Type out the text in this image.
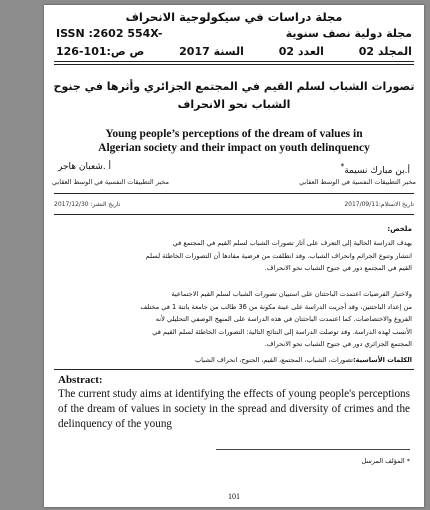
مجلة دراسات في سيكولوجية الانحراف
ISSN :2602 554X-	مجلة دولية نصف سنوية
ص ص:101-126	السنة 2017	العدد 02	المجلد 02
تصورات الشباب لسلم القيم في المجتمع الجزائري وأثرها في جنوح
الشباب نحو الانحراف
Young people’s perceptions of the dream of values in
Algerian society and their impact on youth delinquency
أ .شعبان هاجر	أ.بن مبارك نسيمة*
مخبر التطبيقات النفسية في الوسط العقابي	مخبر التطبيقات النفسية في الوسط العقابي
تاريخ النشر: 2017/12/30	تاريخ الاستلام:2017/09/11
ملخص:

يهدف الدراسة الحالية إلى التعرف على آثار تصورات الشباب لسلم القيم في المجتمع في

انتشار وتنوع الجرائم وانحراف الشباب. وقد انطلقت من فرضية مفادها أن التصورات الخاطئة لسلم

القيم في المجتمع دور في جنوح الشباب نحو الانحراف.

ولاختبار الفرضيات اعتمدت الباحثتان على استبيان تصورات الشباب لسلم القيم الاجتماعية

من إعداد الباحثتين، وقد أجريت الدراسة على عينة مكونة من 36 طالب من جامعة باتنة 1 في مختلف

الفروع والاختصاصات. كما اعتمدت الباحثتان في هذه الدراسة على المنهج الوصفي التحليلي لأنه

الأنسب لهذه الدراسة. وقد توصلت الدراسة إلى النتائج التالية: التصورات الخاطئة لسلم القيم في

المجتمع الجزائري دور في جنوح الشباب نحو الانحراف.

الكلمات الأساسية:تصورات، الشباب، المجتمع، القيم، الجنوح، انحراف الشباب
Abstract:
The current study aims at identifying the effects of young people's perceptions of the dream of values in society in the spread and diversity of crimes and the delinquency of the young
* المؤلف المرسل
101
